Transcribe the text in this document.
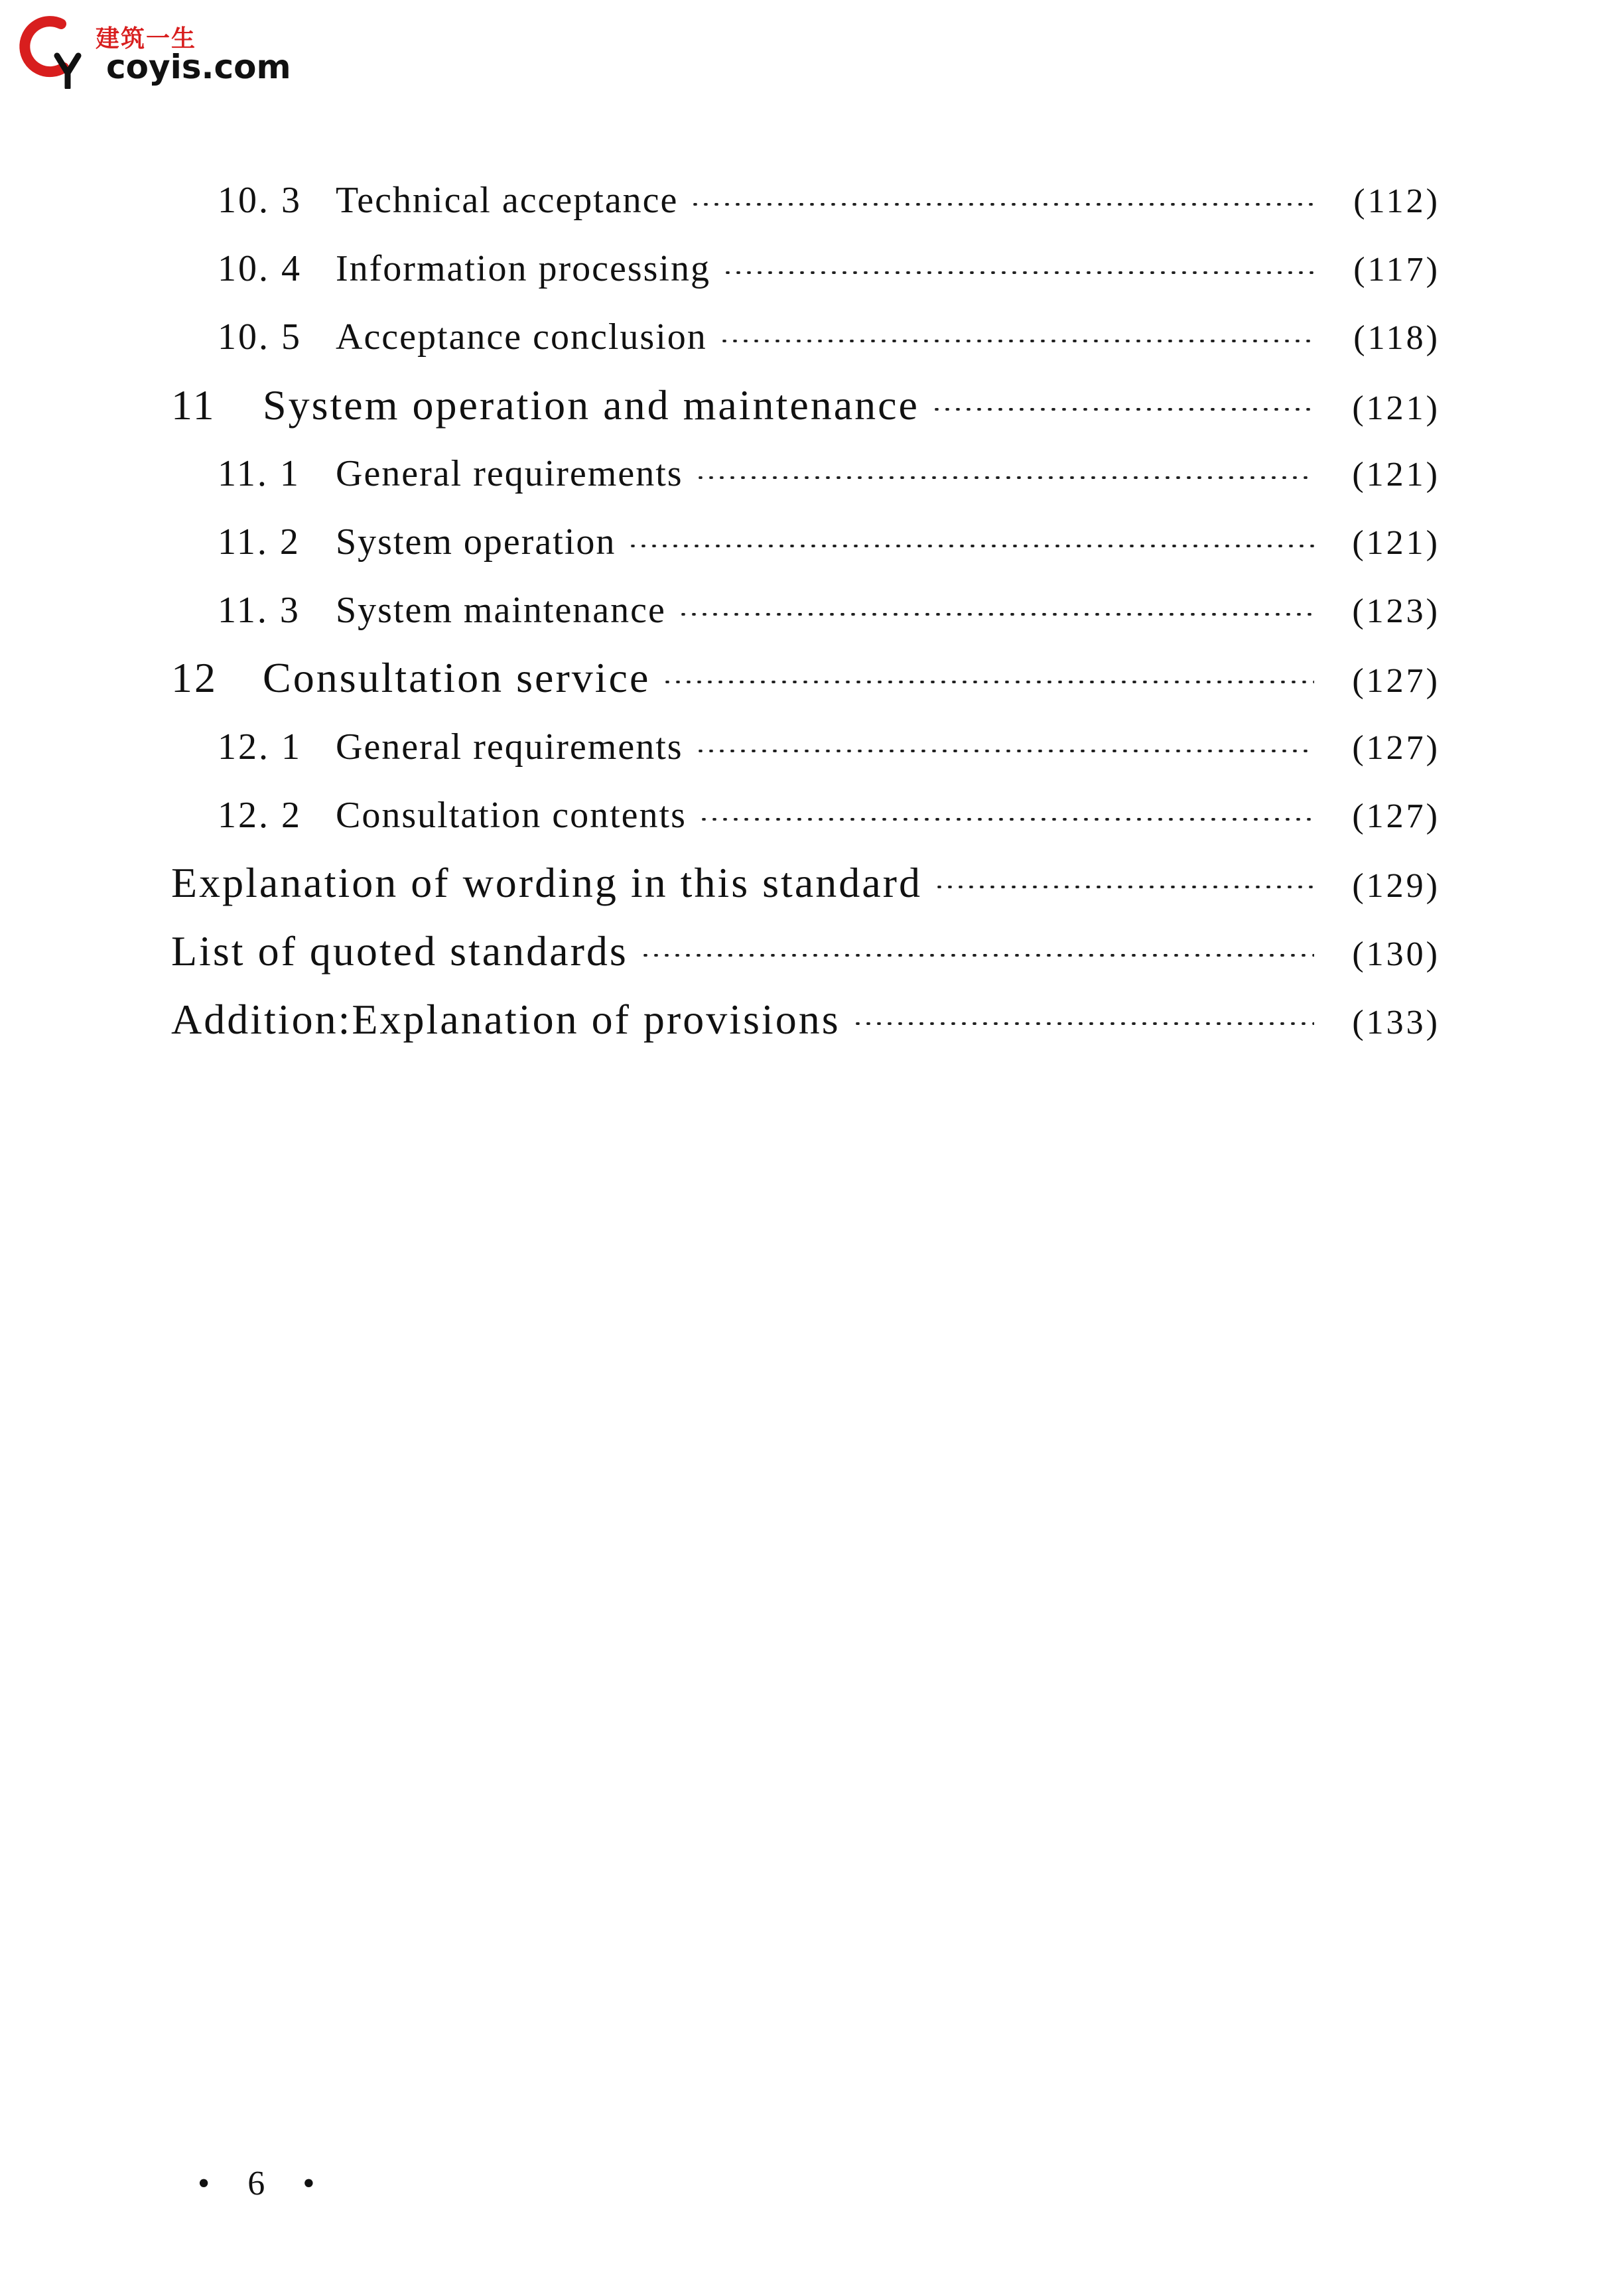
建筑一生
coyis.com
10. 3 Technical acceptance	(112)
10. 4 Information processing	(117)
10. 5 Acceptance conclusion	(118)
11	System operation and maintenance	(121)
11. 1 General requirements	(121)
11. 2 System operation	(121)
11. 3 System maintenance	(123)
12	Consultation service	(127)
12. 1 General requirements	(127)
12. 2 Consultation contents	(127)
Explanation of wording in this standard	(129)
List of quoted standards	(130)
Addition:Explanation of provisions	(133)
• 6 •
